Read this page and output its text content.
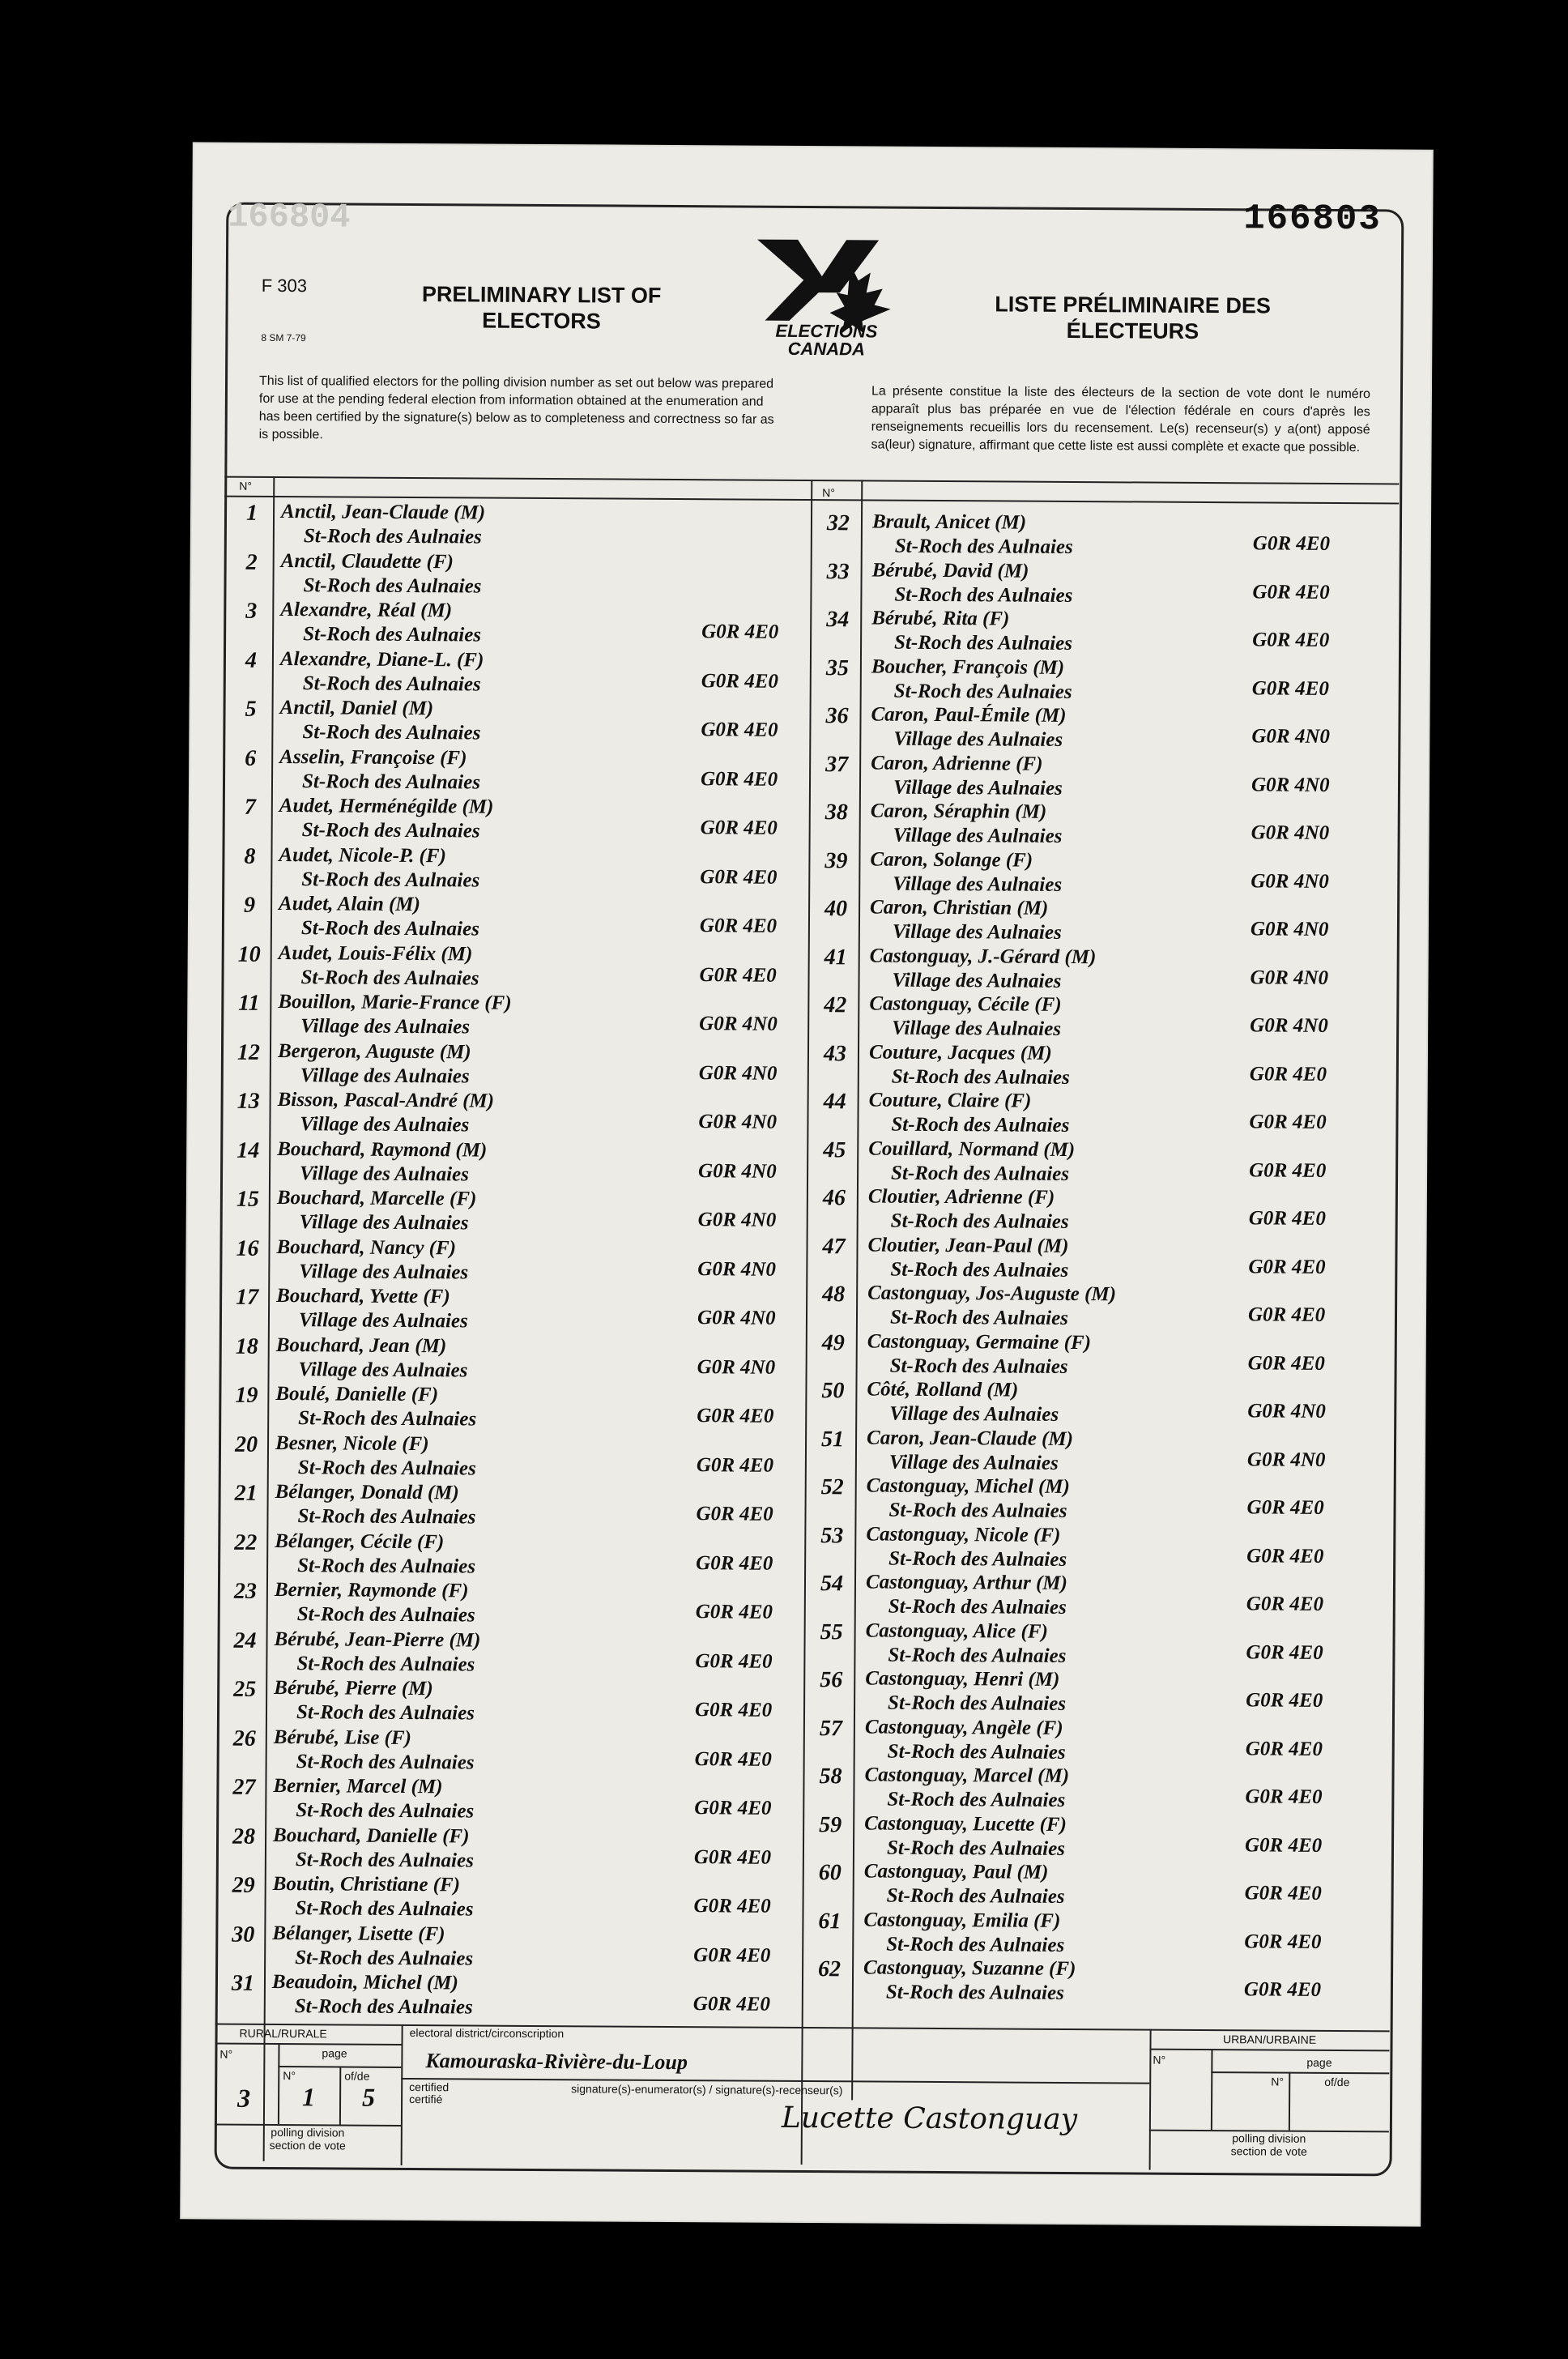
166804	166803
F 303
8 SM 7-79
PRELIMINARY LIST OF ELECTORS	ELECTIONS
CANADA
LISTE PRÉLIMINAIRE DES ÉLECTEURS
This list of qualified electors for the polling division number as set out below was prepared for use at the pending federal election from information obtained at the enumeration and has been certified by the signature(s) below as to completeness and correctness so far as is possible.
La présente constitue la liste des électeurs de la section de vote dont le numéro apparaît plus bas préparée en vue de l'élection fédérale en cours d'après les renseignements recueillis lors du recensement. Le(s) recenseur(s) y a(ont) apposé sa(leur) signature, affirmant que cette liste est aussi complète et exacte que possible.
N°
N°
1	Anctil, Jean-Claude (M)
St-Roch des Aulnaies
2	Anctil, Claudette (F)
St-Roch des Aulnaies
3	Alexandre, Réal (M)
St-Roch des Aulnaies	G0R 4E0
4	Alexandre, Diane-L. (F)
St-Roch des Aulnaies	G0R 4E0
5	Anctil, Daniel (M)
St-Roch des Aulnaies	G0R 4E0
6	Asselin, Françoise (F)
St-Roch des Aulnaies	G0R 4E0
7	Audet, Herménégilde (M)
St-Roch des Aulnaies	G0R 4E0
8	Audet, Nicole-P. (F)
St-Roch des Aulnaies	G0R 4E0
9	Audet, Alain (M)
St-Roch des Aulnaies	G0R 4E0
10 Audet, Louis-Félix (M)
St-Roch des Aulnaies	G0R 4E0
11 Bouillon, Marie-France (F)
Village des Aulnaies	G0R 4N0
12 Bergeron, Auguste (M)
Village des Aulnaies	G0R 4N0
13 Bisson, Pascal-André (M)
Village des Aulnaies	G0R 4N0
14 Bouchard, Raymond (M)
Village des Aulnaies	G0R 4N0
15 Bouchard, Marcelle (F)
Village des Aulnaies	G0R 4N0
16 Bouchard, Nancy (F)
Village des Aulnaies	G0R 4N0
17 Bouchard, Yvette (F)
Village des Aulnaies	G0R 4N0
18 Bouchard, Jean (M)
Village des Aulnaies	G0R 4N0
19 Boulé, Danielle (F)
St-Roch des Aulnaies	G0R 4E0
20 Besner, Nicole (F)
St-Roch des Aulnaies	G0R 4E0
21 Bélanger, Donald (M)
St-Roch des Aulnaies	G0R 4E0
22 Bélanger, Cécile (F)
St-Roch des Aulnaies	G0R 4E0
23 Bernier, Raymonde (F)
St-Roch des Aulnaies	G0R 4E0
24 Bérubé, Jean-Pierre (M)
St-Roch des Aulnaies	G0R 4E0
25 Bérubé, Pierre (M)
St-Roch des Aulnaies	G0R 4E0
26 Bérubé, Lise (F)
St-Roch des Aulnaies	G0R 4E0
27 Bernier, Marcel (M)
St-Roch des Aulnaies	G0R 4E0
28 Bouchard, Danielle (F)
St-Roch des Aulnaies	G0R 4E0
29 Boutin, Christiane (F)
St-Roch des Aulnaies	G0R 4E0
30 Bélanger, Lisette (F)
St-Roch des Aulnaies	G0R 4E0
31 Beaudoin, Michel (M)
St-Roch des Aulnaies	G0R 4E0
32	Brault, Anicet (M)
St-Roch des Aulnaies	G0R 4E0
33	Bérubé, David (M)
St-Roch des Aulnaies	G0R 4E0
34	Bérubé, Rita (F)
St-Roch des Aulnaies	G0R 4E0
35	Boucher, François (M)
St-Roch des Aulnaies	G0R 4E0
36	Caron, Paul-Émile (M)
Village des Aulnaies	G0R 4N0
37	Caron, Adrienne (F)
Village des Aulnaies	G0R 4N0
38	Caron, Séraphin (M)
Village des Aulnaies	G0R 4N0
39	Caron, Solange (F)
Village des Aulnaies	G0R 4N0
40	Caron, Christian (M)
Village des Aulnaies	G0R 4N0
41	Castonguay, J.-Gérard (M)
Village des Aulnaies	G0R 4N0
42	Castonguay, Cécile (F)
Village des Aulnaies	G0R 4N0
43	Couture, Jacques (M)
St-Roch des Aulnaies	G0R 4E0
44	Couture, Claire (F)
St-Roch des Aulnaies	G0R 4E0
45	Couillard, Normand (M)
St-Roch des Aulnaies	G0R 4E0
46	Cloutier, Adrienne (F)
St-Roch des Aulnaies	G0R 4E0
47	Cloutier, Jean-Paul (M)
St-Roch des Aulnaies	G0R 4E0
48	Castonguay, Jos-Auguste (M)
St-Roch des Aulnaies	G0R 4E0
49	Castonguay, Germaine (F)
St-Roch des Aulnaies	G0R 4E0
50	Côté, Rolland (M)
Village des Aulnaies	G0R 4N0
51	Caron, Jean-Claude (M)
Village des Aulnaies	G0R 4N0
52	Castonguay, Michel (M)
St-Roch des Aulnaies	G0R 4E0
53	Castonguay, Nicole (F)
St-Roch des Aulnaies	G0R 4E0
54	Castonguay, Arthur (M)
St-Roch des Aulnaies	G0R 4E0
55	Castonguay, Alice (F)
St-Roch des Aulnaies	G0R 4E0
56	Castonguay, Henri (M)
St-Roch des Aulnaies	G0R 4E0
57	Castonguay, Angèle (F)
St-Roch des Aulnaies	G0R 4E0
58	Castonguay, Marcel (M)
St-Roch des Aulnaies	G0R 4E0
59	Castonguay, Lucette (F)
St-Roch des Aulnaies	G0R 4E0
60	Castonguay, Paul (M)
St-Roch des Aulnaies	G0R 4E0
61	Castonguay, Emilia (F)
St-Roch des Aulnaies	G0R 4E0
62	Castonguay, Suzanne (F)
St-Roch des Aulnaies	G0R 4E0
RURAL/RURALE
N°	page
N°	of/de
3 1 5
polling division
section de vote
electoral district/circonscription
Kamouraska-Rivière-du-Loup
certified
certifié
signature(s)-enumerator(s) / signature(s)-recenseur(s)
Lucette Castonguay
URBAN/URBAINE
N°	page
N°	of/de
polling division
section de vote
